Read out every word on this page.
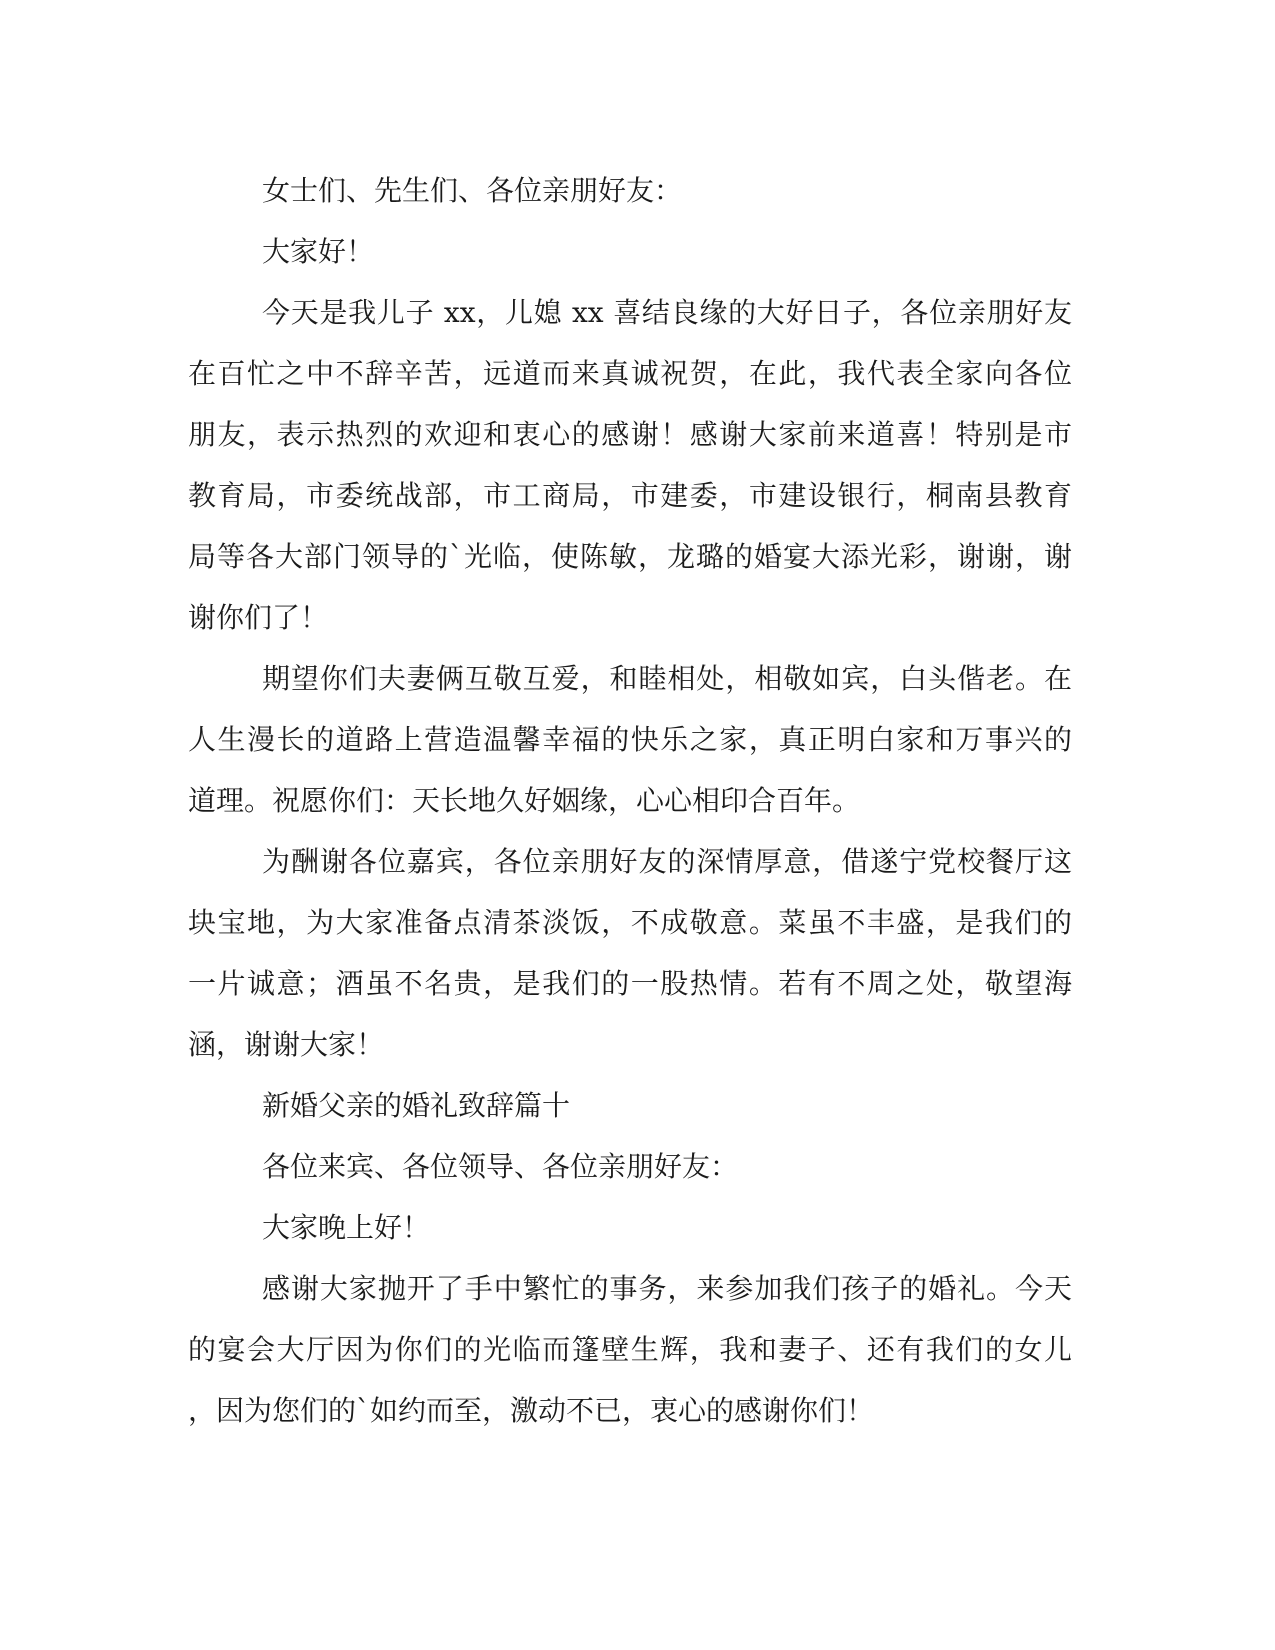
女士们、先生们、各位亲朋好友：
大家好！
今天是我儿子 xx，儿媳 xx 喜结良缘的大好日子，各位亲朋好友
在百忙之中不辞辛苦，远道而来真诚祝贺，在此，我代表全家向各位
朋友，表示热烈的欢迎和衷心的感谢！感谢大家前来道喜！特别是市
教育局，市委统战部，市工商局，市建委，市建设银行，桐南县教育
局等各大部门领导的`光临，使陈敏，龙璐的婚宴大添光彩，谢谢，谢
谢你们了！
期望你们夫妻俩互敬互爱，和睦相处，相敬如宾，白头偕老。在
人生漫长的道路上营造温馨幸福的快乐之家，真正明白家和万事兴的
道理。祝愿你们：天长地久好姻缘，心心相印合百年。
为酬谢各位嘉宾，各位亲朋好友的深情厚意，借遂宁党校餐厅这
块宝地，为大家准备点清茶淡饭，不成敬意。菜虽不丰盛，是我们的
一片诚意；酒虽不名贵，是我们的一股热情。若有不周之处，敬望海
涵，谢谢大家！
新婚父亲的婚礼致辞篇十
各位来宾、各位领导、各位亲朋好友：
大家晚上好！
感谢大家抛开了手中繁忙的事务，来参加我们孩子的婚礼。今天
的宴会大厅因为你们的光临而篷壁生辉，我和妻子、还有我们的女儿
，因为您们的`如约而至，激动不已，衷心的感谢你们！
